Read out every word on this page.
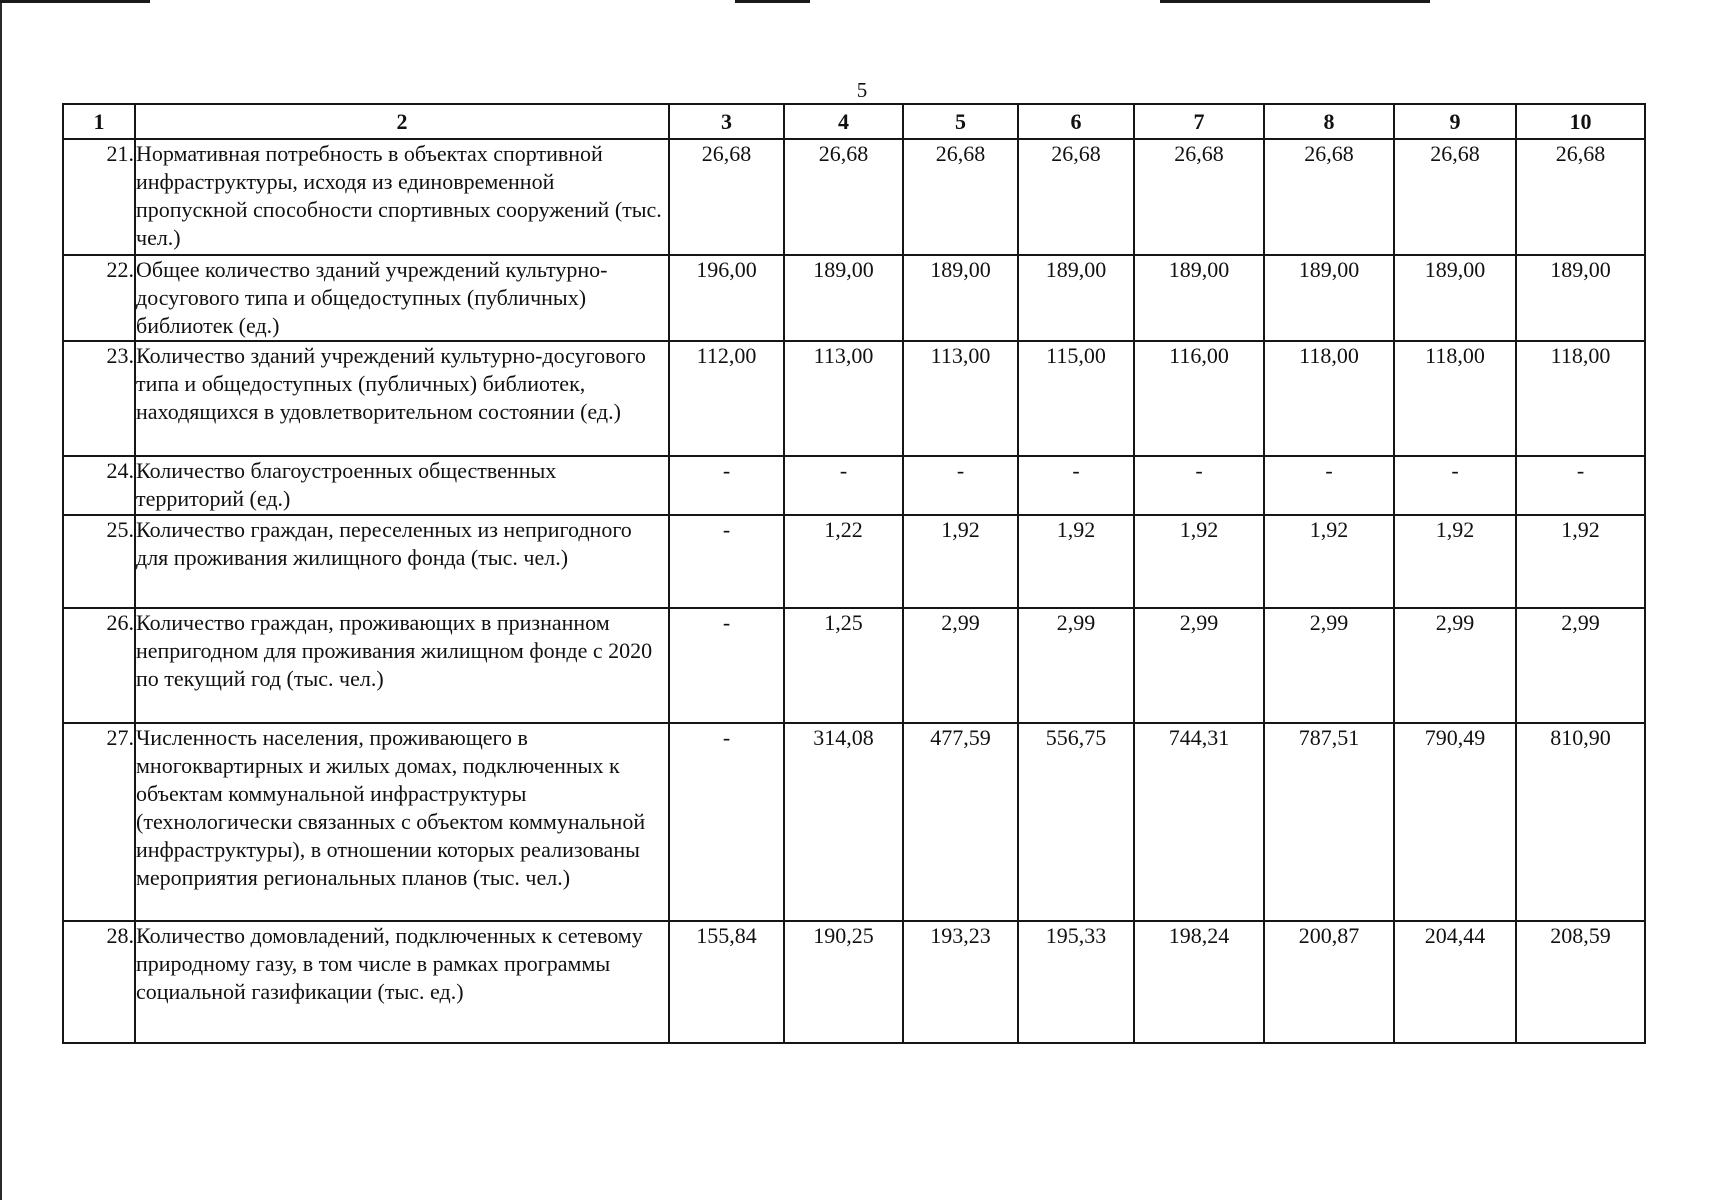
5
1	2	3	4	5	6	7	8	9	10
21.	Нормативная потребность в объектах спортивной инфраструктуры, исходя из единовременной пропускной способности спортивных сооружений (тыс. чел.)	26,68	26,68	26,68	26,68	26,68	26,68	26,68	26,68
22.	Общее количество зданий учреждений культурно-досугового типа и общедоступных (публичных) библиотек (ед.)	196,00	189,00	189,00	189,00	189,00	189,00	189,00	189,00
23.	Количество зданий учреждений культурно-досугового типа и общедоступных (публичных) библиотек, находящихся в удовлетворительном состоянии (ед.)	112,00	113,00	113,00	115,00	116,00	118,00	118,00	118,00
24.	Количество благоустроенных общественных территорий (ед.)	-	-	-	-	-	-	-	-
25.	Количество граждан, переселенных из непригодного для проживания жилищного фонда (тыс. чел.)	-	1,22	1,92	1,92	1,92	1,92	1,92	1,92
26.	Количество граждан, проживающих в признанном непригодном для проживания жилищном фонде с 2020 по текущий год (тыс. чел.)	-	1,25	2,99	2,99	2,99	2,99	2,99	2,99
27.	Численность населения, проживающего в многоквартирных и жилых домах, подключенных к объектам коммунальной инфраструктуры (технологически связанных с объектом коммунальной инфраструктуры), в отношении которых реализованы мероприятия региональных планов (тыс. чел.)	-	314,08	477,59	556,75	744,31	787,51	790,49	810,90
28.	Количество домовладений, подключенных к сетевому природному газу, в том числе в рамках программы социальной газификации (тыс. ед.)	155,84	190,25	193,23	195,33	198,24	200,87	204,44	208,59
